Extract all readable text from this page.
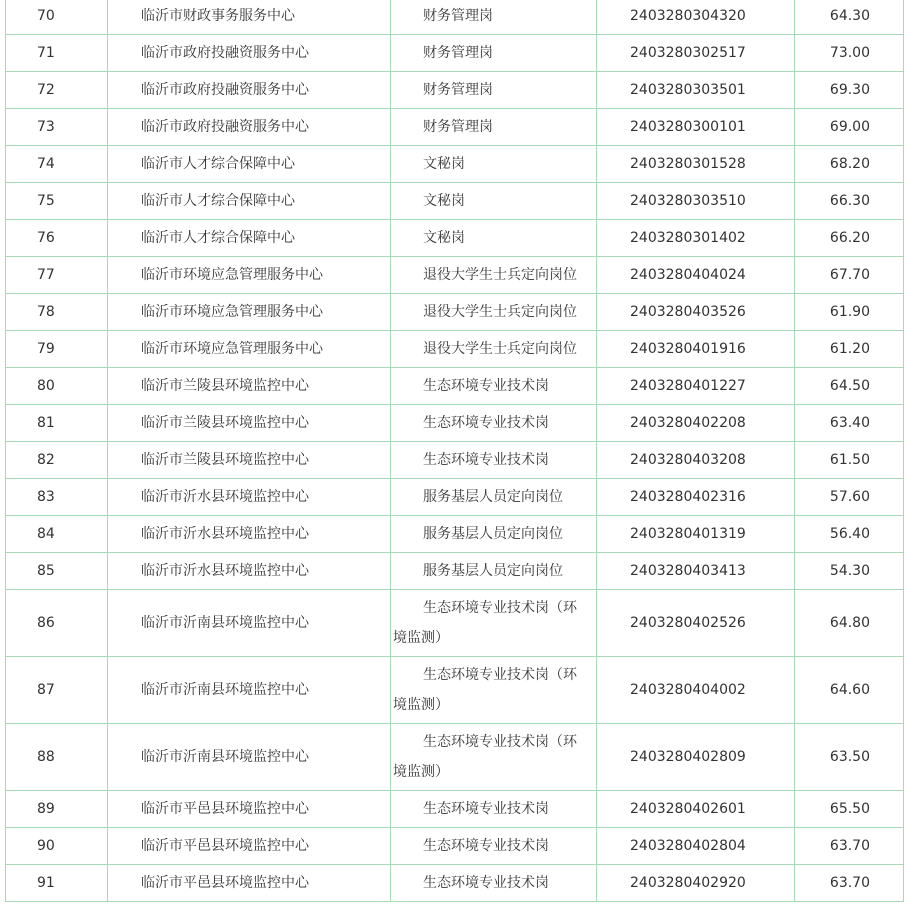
70	临沂市财政事务服务中心	财务管理岗	2403280304320	64.30
71	临沂市政府投融资服务中心	财务管理岗	2403280302517	73.00
72	临沂市政府投融资服务中心	财务管理岗	2403280303501	69.30
73	临沂市政府投融资服务中心	财务管理岗	2403280300101	69.00
74	临沂市人才综合保障中心	文秘岗	2403280301528	68.20
75	临沂市人才综合保障中心	文秘岗	2403280303510	66.30
76	临沂市人才综合保障中心	文秘岗	2403280301402	66.20
77	临沂市环境应急管理服务中心	退役大学生士兵定向岗位	2403280404024	67.70
78	临沂市环境应急管理服务中心	退役大学生士兵定向岗位	2403280403526	61.90
79	临沂市环境应急管理服务中心	退役大学生士兵定向岗位	2403280401916	61.20
80	临沂市兰陵县环境监控中心	生态环境专业技术岗	2403280401227	64.50
81	临沂市兰陵县环境监控中心	生态环境专业技术岗	2403280402208	63.40
82	临沂市兰陵县环境监控中心	生态环境专业技术岗	2403280403208	61.50
83	临沂市沂水县环境监控中心	服务基层人员定向岗位	2403280402316	57.60
84	临沂市沂水县环境监控中心	服务基层人员定向岗位	2403280401319	56.40
85	临沂市沂水县环境监控中心	服务基层人员定向岗位	2403280403413	54.30
86	临沂市沂南县环境监控中心	生态环境专业技术岗（环境监测）	2403280402526	64.80
87	临沂市沂南县环境监控中心	生态环境专业技术岗（环境监测）	2403280404002	64.60
88	临沂市沂南县环境监控中心	生态环境专业技术岗（环境监测）	2403280402809	63.50
89	临沂市平邑县环境监控中心	生态环境专业技术岗	2403280402601	65.50
90	临沂市平邑县环境监控中心	生态环境专业技术岗	2403280402804	63.70
91	临沂市平邑县环境监控中心	生态环境专业技术岗	2403280402920	63.70
